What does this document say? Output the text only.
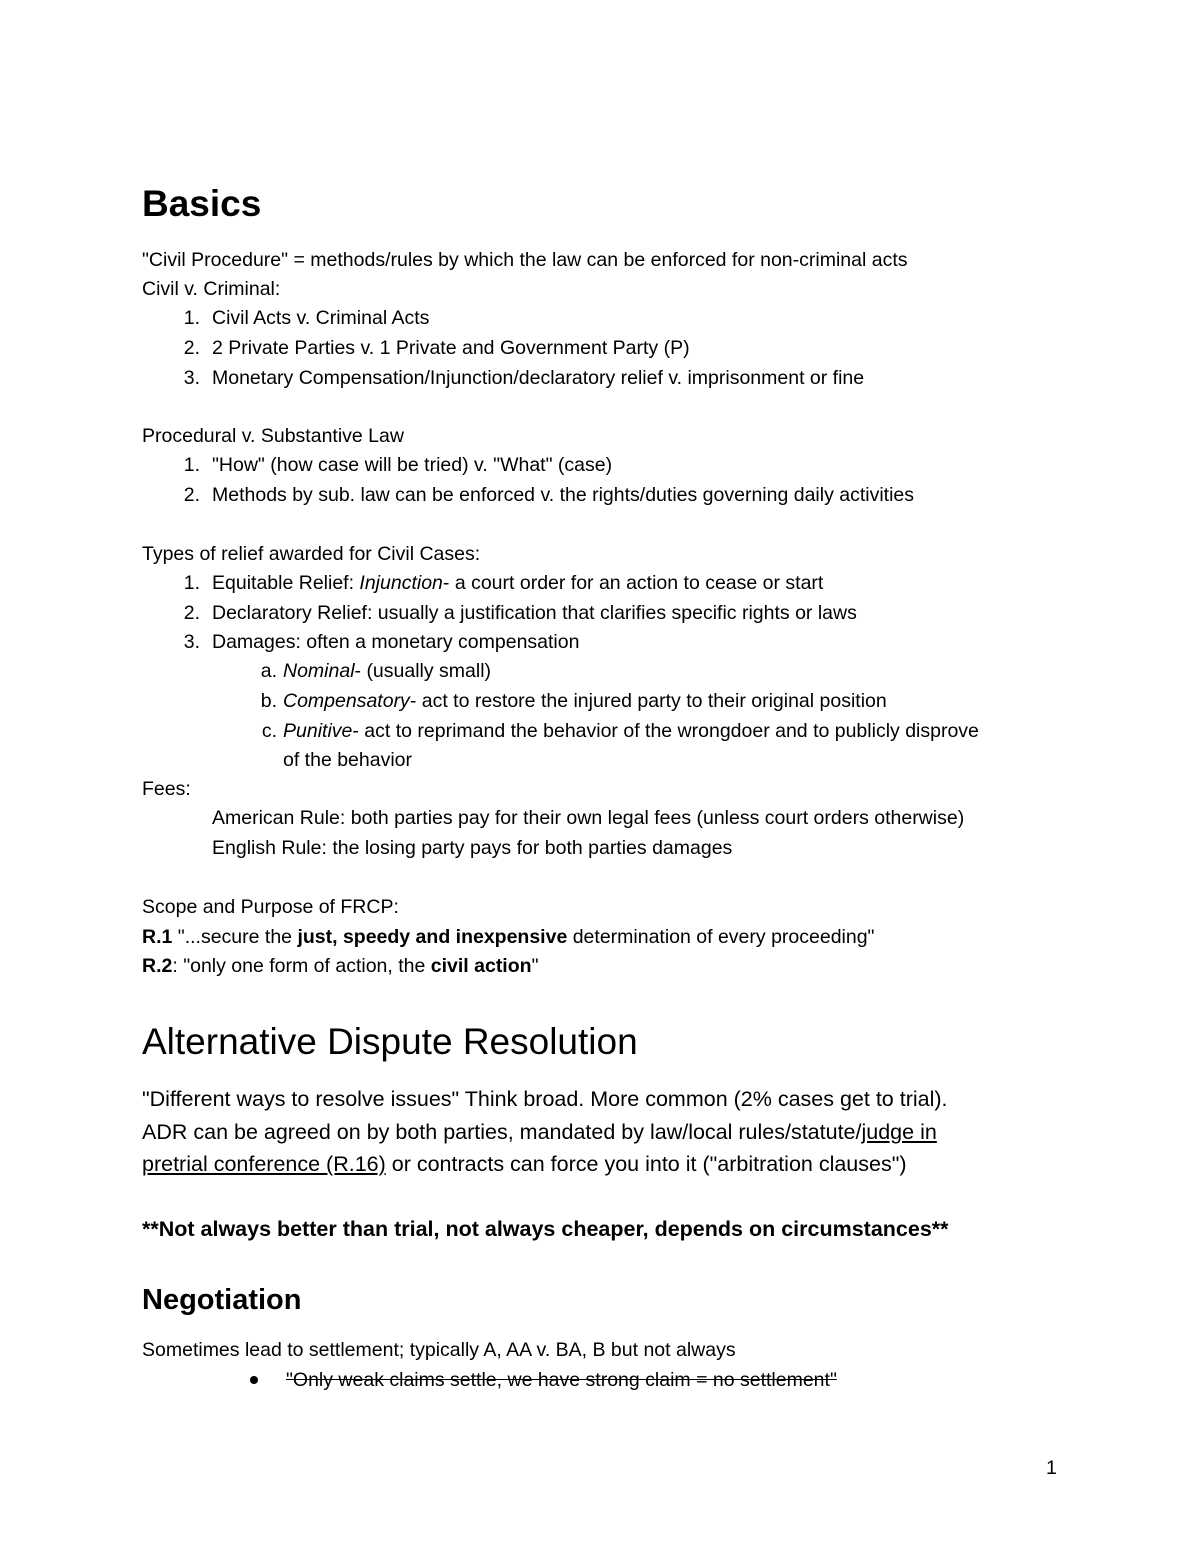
Basics
"Civil Procedure" = methods/rules by which the law can be enforced for non-criminal acts
Civil v. Criminal:
1. Civil Acts v. Criminal Acts
2. 2 Private Parties v. 1 Private and Government Party (P)
3. Monetary Compensation/Injunction/declaratory relief v. imprisonment or fine
Procedural v. Substantive Law
1. "How" (how case will be tried) v. "What" (case)
2. Methods by sub. law can be enforced v. the rights/duties governing daily activities
Types of relief awarded for Civil Cases:
1. Equitable Relief: Injunction- a court order for an action to cease or start
2. Declaratory Relief: usually a justification that clarifies specific rights or laws
3. Damages: often a monetary compensation
a. Nominal- (usually small)
b. Compensatory- act to restore the injured party to their original position
c. Punitive- act to reprimand the behavior of the wrongdoer and to publicly disprove
of the behavior
Fees:
American Rule: both parties pay for their own legal fees (unless court orders otherwise)
English Rule: the losing party pays for both parties damages
Scope and Purpose of FRCP:
R.1 "...secure the just, speedy and inexpensive determination of every proceeding"
R.2: "only one form of action, the civil action"
Alternative Dispute Resolution
"Different ways to resolve issues" Think broad. More common (2% cases get to trial).
ADR can be agreed on by both parties, mandated by law/local rules/statute/judge in
pretrial conference (R.16) or contracts can force you into it ("arbitration clauses")
**Not always better than trial, not always cheaper, depends on circumstances**
Negotiation
Sometimes lead to settlement; typically A, AA v. BA, B but not always
"Only weak claims settle, we have strong claim = no settlement"
1
